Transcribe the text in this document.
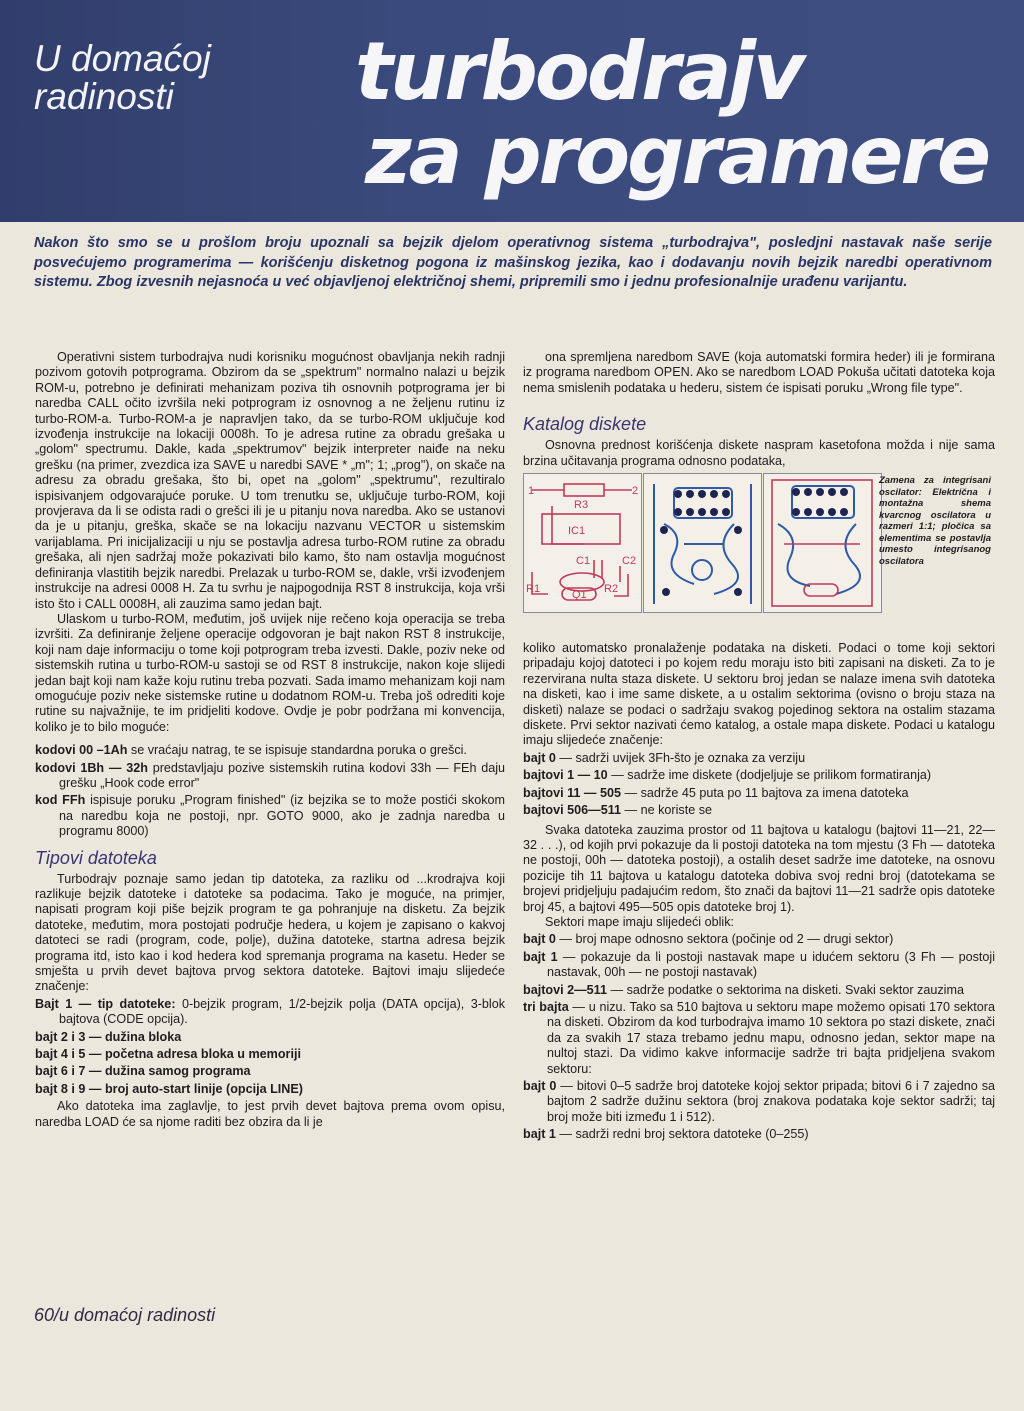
U domaćoj radinosti	turbodrajv
za programere
Nakon što smo se u prošlom broju upoznali sa bejzik djelom operativnog sistema „turbodrajva", posledjni nastavak naše serije posvećujemo programerima — korišćenju disketnog pogona iz mašinskog jezika, kao i dodavanju novih bejzik naredbi operativnom sistemu. Zbog izvesnih nejasnoća u već objavljenoj električnoj shemi, pripremili smo i jednu profesionalnije urađenu varijantu.

Operativni sistem turbodrajva nudi korisniku mogućnost obavljanja nekih radnji pozivom gotovih potprograma. Obzirom da se „spektrum" normalno nalazi u bejzik ROM-u, potrebno je definirati mehanizam poziva tih osnovnih potprograma jer bi naredba CALL očito izvršila neki potprogram iz osnovnog a ne željenu rutinu iz turbo-ROM-a. Turbo-ROM-a je napravljen tako, da se turbo-ROM uključuje kod izvođenja instrukcije na lokaciji 0008h. To je adresa rutine za obradu grešaka u „golom" spectrumu. Dakle, kada „spektrumov" bejzik interpreter naiđe na neku grešku (na primer, zvezdica iza SAVE u naredbi SAVE * „m"; 1; „prog"), on skače na adresu za obradu grešaka, što bi, opet na „golom" „spektrumu", rezultiralo ispisivanjem odgovarajuće poruke. U tom trenutku se, uključuje turbo-ROM, koji provjerava da li se odista radi o grešci ili je u pitanju nova naredba. Ako se ustanovi da je u pitanju, greška, skače se na lokaciju nazvanu VECTOR u sistemskim varijablama. Pri inicijalizaciji u nju se postavlja adresa turbo-ROM rutine za obradu grešaka, ali njen sadržaj može pokazivati bilo kamo, što nam ostavlja mogućnost definiranja vlastitih bejzik naredbi. Prelazak u turbo-ROM se, dakle, vrši izvođenjem instrukcije na adresi 0008 H. Za tu svrhu je najpogodnija RST 8 instrukcija, koja vrši isto što i CALL 0008H, ali zauzima samo jedan bajt.

Ulaskom u turbo-ROM, međutim, još uvijek nije rečeno koja operacija se treba izvršiti. Za definiranje željene operacije odgovoran je bajt nakon RST 8 instrukcije, koji nam daje informaciju o tome koji potprogram treba izvesti. Dakle, poziv neke od sistemskih rutina u turbo-ROM-u sastoji se od RST 8 instrukcije, nakon koje slijedi jedan bajt koji nam kaže koju rutinu treba pozvati. Sada imamo mehanizam koji nam omogućuje poziv neke sistemske rutine u dodatnom ROM-u. Treba još odrediti koje rutine su najvažnije, te im pridjeliti kodove. Ovdje je pobr podržana mi konvencija, koliko je to bilo moguće:

kodovi 00 –1Ah se vraćaju natrag, te se ispisuje standardna poruka o grešci.
kodovi 1Bh — 32h predstavljaju pozive sistemskih rutina kodovi 33h — FEh daju grešku „Hook code error"
kod FFh ispisuje poruku „Program finished" (iz bejzika se to može postići skokom na naredbu koja ne postoji, npr. GOTO 9000, ako je zadnja naredba u programu 8000)
Tipovi datoteka

Turbodrajv poznaje samo jedan tip datoteka, za razliku od ...krodrajva koji razlikuje bejzik datoteke i datoteke sa podacima. Tako je moguće, na primjer, napisati program koji piše bejzik program te ga pohranjuje na disketu. Za bejzik datoteke, međutim, mora postojati područje hedera, u kojem je zapisano o kakvoj datoteci se radi (program, code, polje), dužina datoteke, startna adresa bejzik programa itd, isto kao i kod hedera kod spremanja programa na kasetu. Heder se smješta u prvih devet bajtova prvog sektora datoteke. Bajtovi imaju slijedeće značenje:

Bajt 1 — tip datoteke: 0-bejzik program, 1/2-bejzik polja (DATA opcija), 3-blok bajtova (CODE opcija).
bajt 2 i 3 — dužina bloka
bajt 4 i 5 — početna adresa bloka u memoriji
bajt 6 i 7 — dužina samog programa
bajt 8 i 9 — broj auto-start linije (opcija LINE)

Ako datoteka ima zaglavlje, to jest prvih devet bajtova prema ovom opisu, naredba LOAD će sa njome raditi bez obzira da li je

ona spremljena naredbom SAVE (koja automatski formira heder) ili je formirana iz programa naredbom OPEN. Ako se naredbom LOAD Pokuša učitati datoteka koja nema smislenih podataka u hederu, sistem će ispisati poruku „Wrong file type".

Katalog diskete

Osnovna prednost korišćenja diskete naspram kasetofona možda i nije sama brzina učitavanja programa odnosno podataka,

1	2
R3
IC1
C1	C2
R1	Q1 R2
Zamena za integrisani oscilator: Električna i montažna shema kvarcnog oscilatora u razmeri 1:1; pločica sa elementima se postavlja umesto integrisanog oscilatora

koliko automatsko pronalaženje podataka na disketi. Podaci o tome koji sektori pripadaju kojoj datoteci i po kojem redu moraju isto biti zapisani na disketi. Za to je rezervirana nulta staza diskete. U sektoru broj jedan se nalaze imena svih datoteka na disketi, kao i ime same diskete, a u ostalim sektorima (ovisno o broju staza na disketi) nalaze se podaci o sadržaju svakog pojedinog sektora na ostalim stazama diskete. Prvi sektor nazivati ćemo katalog, a ostale mapa diskete. Podaci u katalogu imaju slijedeće značenje:

bajt 0 — sadrži uvijek 3Fh-što je oznaka za verziju
bajtovi 1 — 10 — sadrže ime diskete (dodjeljuje se prilikom formatiranja)
bajtovi 11 — 505 — sadrže 45 puta po 11 bajtova za imena datoteka
bajtovi 506—511 — ne koriste se

Svaka datoteka zauzima prostor od 11 bajtova u katalogu (bajtovi 11—21, 22—32 . . .), od kojih prvi pokazuje da li postoji datoteka na tom mjestu (3 Fh — datoteka ne postoji, 00h — datoteka postoji), a ostalih deset sadrže ime datoteke, na osnovu pozicije tih 11 bajtova u katalogu datoteka dobiva svoj redni broj (datotekama se brojevi pridjeljuju padajućim redom, što znači da bajtovi 11—21 sadrže opis datoteke broj 45, a bajtovi 495—505 opis datoteke broj 1).

Sektori mape imaju slijedeći oblik:

bajt 0 — broj mape odnosno sektora (počinje od 2 — drugi sektor)
bajt 1 — pokazuje da li postoji nastavak mape u idućem sektoru (3 Fh — postoji nastavak, 00h — ne postoji nastavak)
bajtovi 2—511 — sadrže podatke o sektorima na disketi. Svaki sektor zauzima
tri bajta — u nizu. Tako sa 510 bajtova u sektoru mape možemo opisati 170 sektora na disketi. Obzirom da kod turbodrajva imamo 10 sektora po stazi diskete, znači da za svakih 17 staza trebamo jednu mapu, odnosno jedan, sektor mape na nultoj stazi. Da vidimo kakve informacije sadrže tri bajta pridjeljena svakom sektoru:
bajt 0 — bitovi 0–5 sadrže broj datoteke kojoj sektor pripada; bitovi 6 i 7 zajedno sa bajtom 2 sadrže dužinu sektora (broj znakova podataka koje sektor sadrži; taj broj može biti između 1 i 512).
bajt 1 — sadrži redni broj sektora datoteke (0–255)
60/u domaćoj radinosti
